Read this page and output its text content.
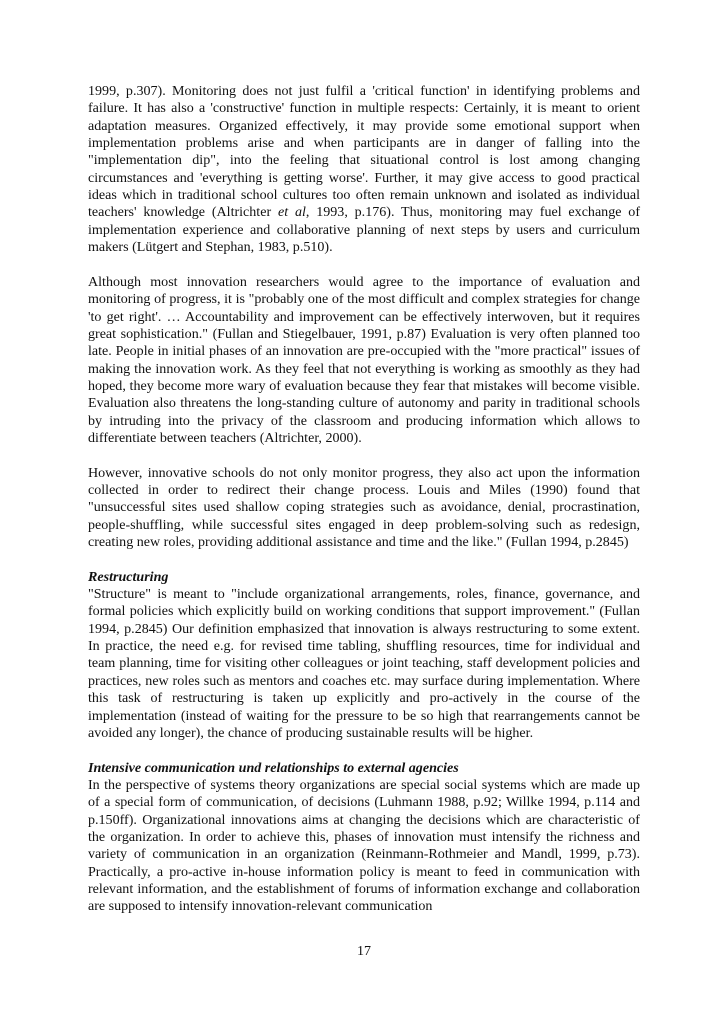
1999, p.307). Monitoring does not just fulfil a 'critical function' in identifying problems and failure. It has also a 'constructive' function in multiple respects: Certainly, it is meant to orient adaptation measures. Organized effectively, it may provide some emotional support when implementation problems arise and when participants are in danger of falling into the "implementation dip", into the feeling that situational control is lost among changing circumstances and 'everything is getting worse'. Further, it may give access to good practical ideas which in traditional school cultures too often remain unknown and isolated as individual teachers' knowledge (Altrichter et al, 1993, p.176). Thus, monitoring may fuel exchange of implementation experience and collaborative planning of next steps by users and curriculum makers (Lütgert and Stephan, 1983, p.510).

Although most innovation researchers would agree to the importance of evaluation and monitoring of progress, it is "probably one of the most difficult and complex strategies for change 'to get right'. … Accountability and improvement can be effectively interwoven, but it requires great sophistication." (Fullan and Stiegelbauer, 1991, p.87) Evaluation is very often planned too late. People in initial phases of an innovation are pre-occupied with the "more practical" issues of making the innovation work. As they feel that not everything is working as smoothly as they had hoped, they become more wary of evaluation because they fear that mistakes will become visible. Evaluation also threatens the long-standing culture of autonomy and parity in traditional schools by intruding into the privacy of the classroom and producing information which allows to differentiate between teachers (Altrichter, 2000).

However, innovative schools do not only monitor progress, they also act upon the information collected in order to redirect their change process. Louis and Miles (1990) found that "unsuccessful sites used shallow coping strategies such as avoidance, denial, procrastination, people-shuffling, while successful sites engaged in deep problem-solving such as redesign, creating new roles, providing additional assistance and time and the like." (Fullan 1994, p.2845)

Restructuring

"Structure" is meant to "include organizational arrangements, roles, finance, governance, and formal policies which explicitly build on working conditions that support improvement." (Fullan 1994, p.2845) Our definition emphasized that innovation is always restructuring to some extent. In practice, the need e.g. for revised time tabling, shuffling resources, time for individual and team planning, time for visiting other colleagues or joint teaching, staff development policies and practices, new roles such as mentors and coaches etc. may surface during implementation. Where this task of restructuring is taken up explicitly and pro-actively in the course of the implementation (instead of waiting for the pressure to be so high that rearrangements cannot be avoided any longer), the chance of producing sustainable results will be higher.

Intensive communication und relationships to external agencies

In the perspective of systems theory organizations are special social systems which are made up of a special form of communication, of decisions (Luhmann 1988, p.92; Willke 1994, p.114 and p.150ff). Organizational innovations aims at changing the decisions which are characteristic of the organization. In order to achieve this, phases of innovation must intensify the richness and variety of communication in an organization (Reinmann-Rothmeier and Mandl, 1999, p.73). Practically, a pro-active in-house information policy is meant to feed in communication with relevant information, and the establishment of forums of information exchange and collaboration are supposed to intensify innovation-relevant communication

17
